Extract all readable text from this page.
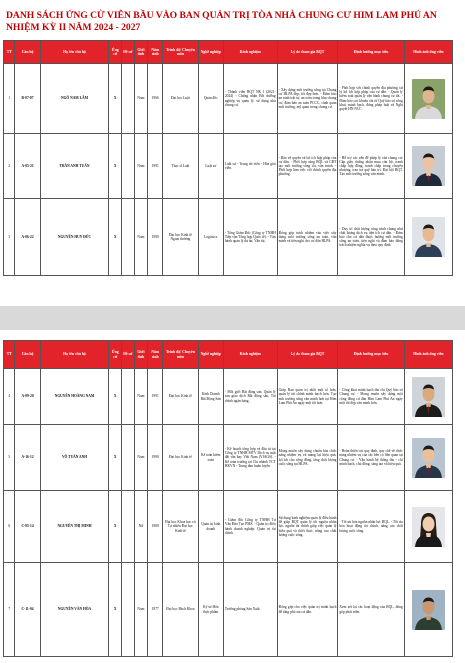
DANH SÁCH ỨNG CỬ VIÊN BẦU VÀO BAN QUẢN TRỊ TÒA NHÀ CHUNG CƯ HIM LAM PHÚ AN NHIỆM KỲ II NĂM 2024 - 2027
TT	Căn hộ	Họ tên chủ hộ	Ứng cử	Đề cử	Giới tính	Năm sinh	Trình độ/ Chuyên môn	Nghề nghiệp	Kinh nghiệm	Lý do tham gia BQT	Định hướng mục tiêu	Hình ảnh ứng viên
1	B-07-07	NGÔ NAM LÂM	X		Nam	1966	Đại học Luật	Quản đốc	- Thành viên BQT NK I (2021-2024) - Chứng nhận Bồi dưỡng nghiệp vụ quản lý, sử dụng nhà chung cư.	- Xây dựng môi trường sống tại Chung cư HLPA đẹp, tốt đẹp hơn. - Đảm bảo an ninh trật tự, an toàn trong khu chung cư, đảm bảo an toàn PCCC, cảnh quan môi trường, mỹ quan trong chung cư.	- Phối hợp với chính quyền địa phương xử lý lợi ích hợp pháp của cư dân. - Quản lý kiểm soát quản lý vận hành chung cư tốt. - Đảm bảo các khoản chi từ Quỹ bảo trì công khai, minh bạch, đúng pháp luật và Nghị quyết HN NCC.	

2	A-05-21	TRẦN ANH TUẤN	X		Nam	1991	Thạc sĩ Luật	Luật sư	Luật sư - Trọng tài viên - Hòa giải viên.	- Bảo vệ quyền và lợi ích hợp pháp của cư dân. - Phối hợp cùng BQL và CĐT tạo môi trường sống tốt, văn minh. - Phối hợp làm việc với chính quyền địa phương.	- Hỗ trợ các vấn đề pháp lý của chung cư: Cấp giấy chứng nhận mua căn hộ, tranh chấp hợp đồng, tranh chấp trong chuyển nhượng, trao trả quỹ bảo trì, Đại hội BQT. Tạo môi trường sống văn minh.	

3	A-06-22	NGUYỄN HUY ĐỨC	X		Nam	1990	Đại học Kinh tế Ngoại thương	Logistics	- Tổng Giám Đốc (Công ty TNHH Tiếp vận Tổng hợp Quốc tế). - Vận hành quản lý dự án, Vận tải.	Đóng góp trách nhiệm vào việc xây dựng môi trường sống an toàn, văn minh và tiện nghi cho cư dân HLPA.	- Duy trì chất lượng công trình chung như chất lượng dịch vụ tiện ích cư dân. - Đảm bảo cho cư dân được hưởng môi trường sống an toàn, tiện nghi và đảm bảo đúng trách nhiệm nghĩa vụ theo quy định.	
TT	Căn hộ	Họ tên chủ hộ	Ứng cử	Đề cử	Giới tính	Năm sinh	Trình độ/ Chuyên môn	Nghề nghiệp	Kinh nghiệm	Lý do tham gia BQT	Định hướng mục tiêu	Hình ảnh ứng viên
4	A-09-20	NGUYỄN HOÀNG NAM	X		Nam	1991	Đại học Kinh tế	Kinh Doanh Bất Động Sản	- Môi giới Bất động sản, Quản lý sàn giao dịch Bất động sản, Tài chính ngân hàng.	Giúp Ban quản trị nhất một tổ hơn, quản lý tài chính minh bạch hơn. Tạo môi trường sống văn minh hơn tại Him Lam Phú An ngày một tốt hơn.	- Công khai minh bạch thu chi Quỹ bảo trì Chung cư. - Mong muốn xây dựng một cộng đồng cư dân Him Lam Phú An ngày một tốt đẹp văn minh hơn.	

5	A-16-12	VÕ TUẤN ANH	X		Nam	1990	Đại học Kinh tế	Kế toán kiểm toán	- Kế hoạch tổng hợp và đầu tư tại Công ty TNHH MTV Dịch vụ mặt đất sân bay Việt Nam (VIAGS). - Kế toán trưởng tại Chi nhánh TCT HKVN - Trung tâm huấn luyện.	Mong muốn xây dựng chuẩn hóa chức năng nhiệm vụ và mang lại hiệu quả, lợi ích cho cộng đồng, tăng chất lượng cuộc sống tại HLPA.	- Hoàn thiện các quy định, quy chế về chức năng nhiệm vụ của các bên có liên quan tại Chung cư. - Vận hành hệ thống thu - chi minh bạch, chủ động, sáng tạo và hiệu quả.	

6	C-05-14	NGUYỄN THỊ MINH	X		Nữ	1980	Đại học Khoa học và Tự nhiên Đại học Kinh tế	Quản trị kinh doanh	- Giám đốc Công ty TNHH Tư Vấn Đào Tạo PMS. - Quản trị điều hành doanh nghiệp. Quản trị tài chính.	Sử dụng kinh nghiệm quản lý điều hành để giúp BQT quản lý tốt nguồn nhân lực, nguồn tài chính giúp việc quản lý hiệu quả và thiết thực, nâng cao chất lượng cuộc sống.	- Tối ưu hóa nguồn nhân lực BQL. - Tối ưu hóa hoạt động tài chính, nâng cao chất lượng cuộc sống.	

7	C-11-04	NGUYỄN VĂN HÒA	X		Nam	1977	Đại học Bách Khoa	Kỹ sư Hóa thực phẩm	Trưởng phòng Sản Xuất	Đóng góp cho việc quản trị minh bạch để tăng phí của cư dân.	Xem xét lại các hoạt động của BQL, đóng góp phát triển.	
